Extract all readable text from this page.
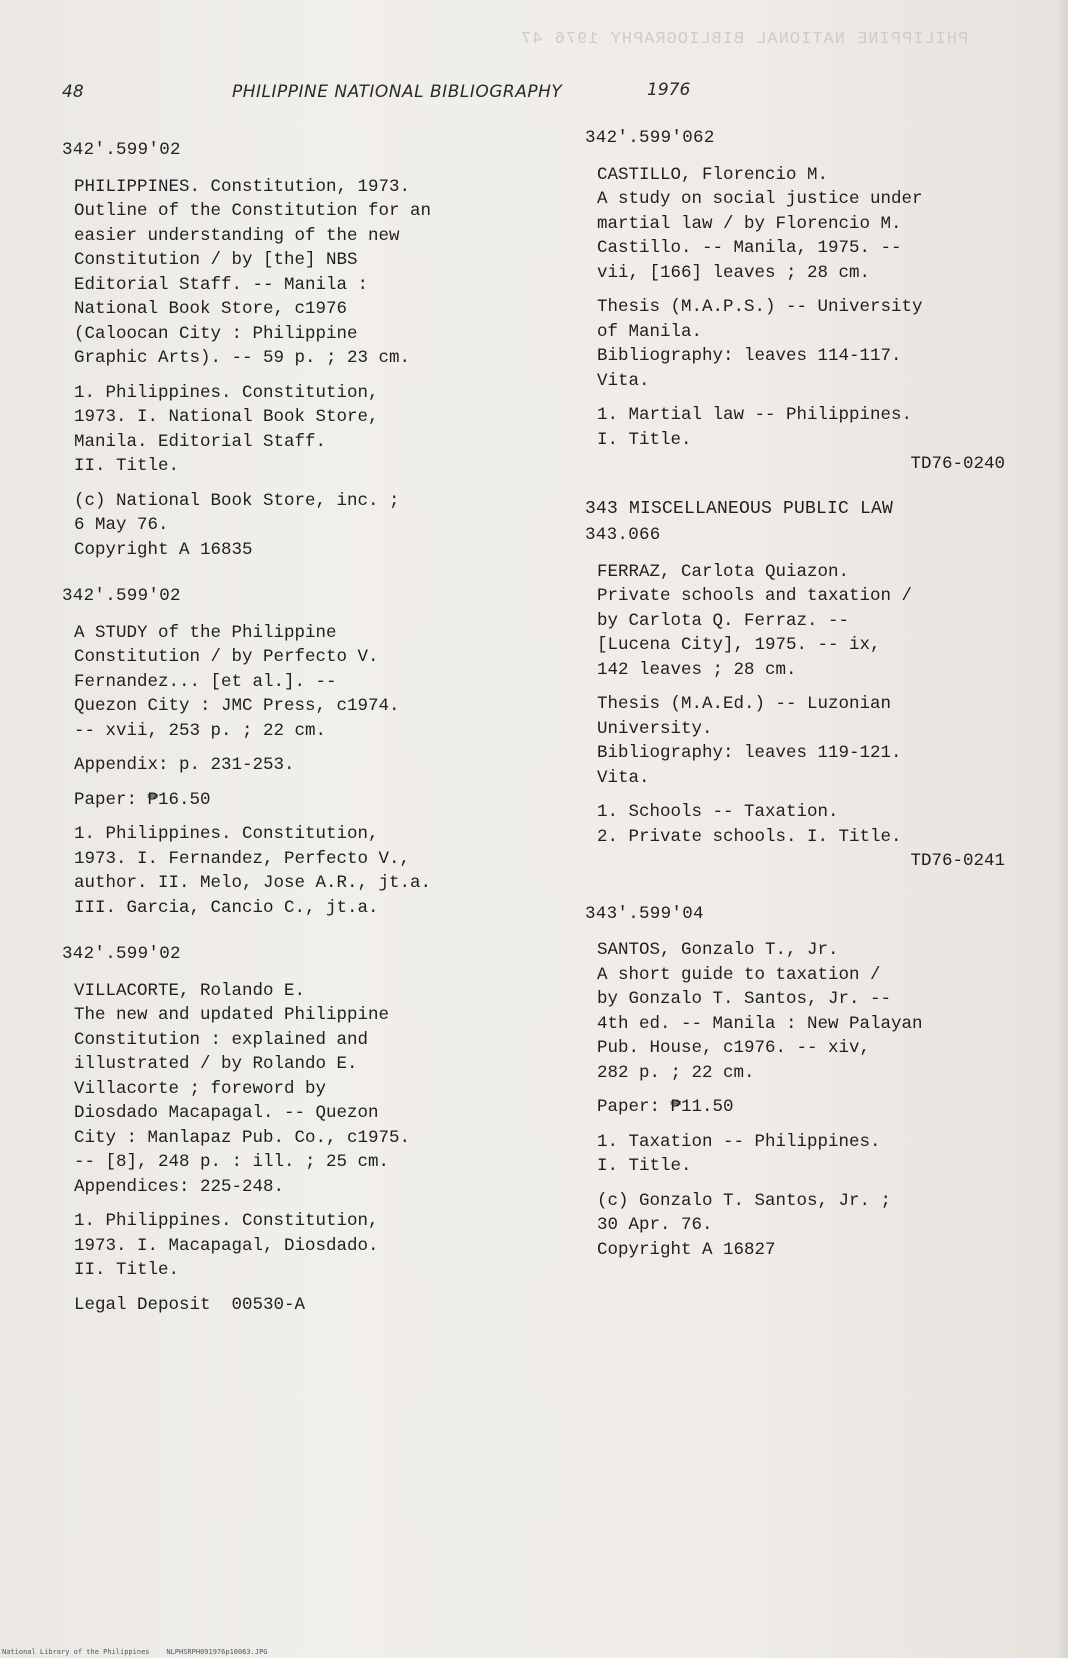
PHILIPPINE NATIONAL BIBLIOGRAPHY 1976 47
48	PHILIPPINE NATIONAL BIBLIOGRAPHY	1976
342'.599'02
PHILIPPINES. Constitution, 1973.
Outline of the Constitution for an
easier understanding of the new
Constitution / by [the] NBS
Editorial Staff. -- Manila :
National Book Store, c1976
(Caloocan City : Philippine
Graphic Arts). -- 59 p. ; 23 cm.
1. Philippines. Constitution,
1973. I. National Book Store,
Manila. Editorial Staff.
II. Title.
(c) National Book Store, inc. ;
6 May 76.
Copyright A 16835
342'.599'02
A STUDY of the Philippine
Constitution / by Perfecto V.
Fernandez... [et al.]. --
Quezon City : JMC Press, c1974.
-- xvii, 253 p. ; 22 cm.
Appendix: p. 231-253.
Paper: ₱16.50
1. Philippines. Constitution,
1973. I. Fernandez, Perfecto V.,
author. II. Melo, Jose A.R., jt.a.
III. Garcia, Cancio C., jt.a.
342'.599'02
VILLACORTE, Rolando E.
The new and updated Philippine
Constitution : explained and
illustrated / by Rolando E.
Villacorte ; foreword by
Diosdado Macapagal. -- Quezon
City : Manlapaz Pub. Co., c1975.
-- [8], 248 p. : ill. ; 25 cm.
Appendices: 225-248.
1. Philippines. Constitution,
1973. I. Macapagal, Diosdado.
II. Title.
Legal Deposit  00530-A
342'.599'062
CASTILLO, Florencio M.
A study on social justice under
martial law / by Florencio M.
Castillo. -- Manila, 1975. --
vii, [166] leaves ; 28 cm.
Thesis (M.A.P.S.) -- University
of Manila.
Bibliography: leaves 114-117.
Vita.
1. Martial law -- Philippines.
I. Title.
TD76-0240
343 MISCELLANEOUS PUBLIC LAW
343.066
FERRAZ, Carlota Quiazon.
Private schools and taxation /
by Carlota Q. Ferraz. --
[Lucena City], 1975. -- ix,
142 leaves ; 28 cm.
Thesis (M.A.Ed.) -- Luzonian
University.
Bibliography: leaves 119-121.
Vita.
1. Schools -- Taxation.
2. Private schools. I. Title.
TD76-0241
343'.599'04
SANTOS, Gonzalo T., Jr.
A short guide to taxation /
by Gonzalo T. Santos, Jr. --
4th ed. -- Manila : New Palayan
Pub. House, c1976. -- xiv,
282 p. ; 22 cm.
Paper: ₱11.50
1. Taxation -- Philippines.
I. Title.
(c) Gonzalo T. Santos, Jr. ;
30 Apr. 76.
Copyright A 16827
National Library of the Philippines    NLPHSRPH091976p10063.JPG
